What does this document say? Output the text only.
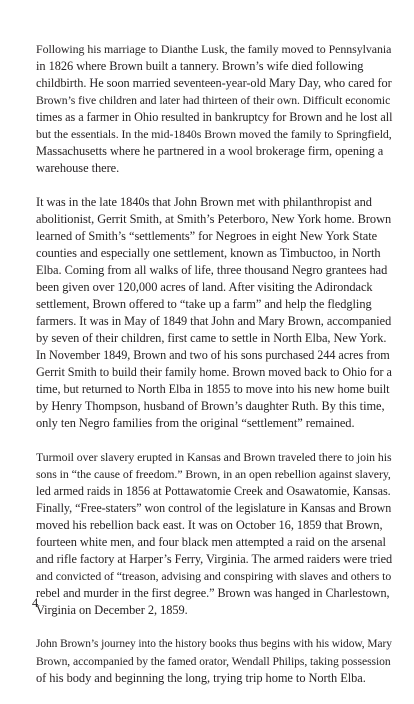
Following his marriage to Dianthe Lusk, the family moved to Pennsylvania
in 1826 where Brown built a tannery. Brown’s wife died following
childbirth. He soon married seventeen-year-old Mary Day, who cared for
Brown’s five children and later had thirteen of their own. Difficult economic
times as a farmer in Ohio resulted in bankruptcy for Brown and he lost all
but the essentials. In the mid-1840s Brown moved the family to Springfield,
Massachusetts where he partnered in a wool brokerage firm, opening a
warehouse there.

It was in the late 1840s that John Brown met with philanthropist and
abolitionist, Gerrit Smith, at Smith’s Peterboro, New York home. Brown
learned of Smith’s “settlements” for Negroes in eight New York State
counties and especially one settlement, known as Timbuctoo, in North
Elba. Coming from all walks of life, three thousand Negro grantees had
been given over 120,000 acres of land. After visiting the Adirondack
settlement, Brown offered to “take up a farm” and help the fledgling
farmers. It was in May of 1849 that John and Mary Brown, accompanied
by seven of their children, first came to settle in North Elba, New York.
In November 1849, Brown and two of his sons purchased 244 acres from
Gerrit Smith to build their family home. Brown moved back to Ohio for a
time, but returned to North Elba in 1855 to move into his new home built
by Henry Thompson, husband of Brown’s daughter Ruth. By this time,
only ten Negro families from the original “settlement” remained.

Turmoil over slavery erupted in Kansas and Brown traveled there to join his
sons in “the cause of freedom.” Brown, in an open rebellion against slavery,
led armed raids in 1856 at Pottawatomie Creek and Osawatomie, Kansas.
Finally, “Free-staters” won control of the legislature in Kansas and Brown
moved his rebellion back east. It was on October 16, 1859 that Brown,
fourteen white men, and four black men attempted a raid on the arsenal
and rifle factory at Harper’s Ferry, Virginia. The armed raiders were tried
and convicted of “treason, advising and conspiring with slaves and others to
rebel and murder in the first degree.” Brown was hanged in Charlestown,
Virginia on December 2, 1859.

John Brown’s journey into the history books thus begins with his widow, Mary
Brown, accompanied by the famed orator, Wendall Philips, taking possession
of his body and beginning the long, trying trip home to North Elba.

4
